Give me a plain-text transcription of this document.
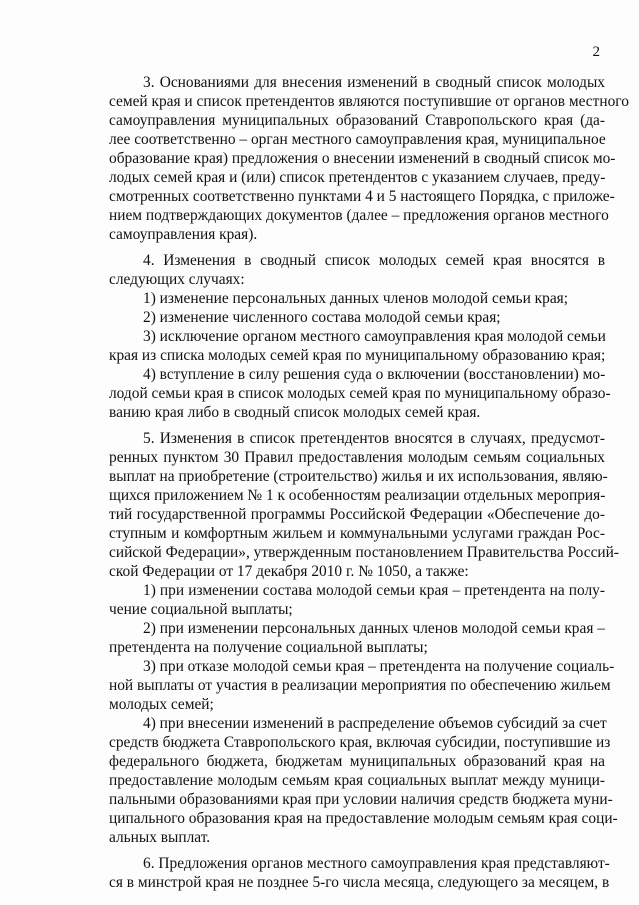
2
3. Основаниями для внесения изменений в сводный список молодых
семей края и список претендентов являются поступившие от органов местного
самоуправления муниципальных образований Ставропольского края (да-
лее соответственно – орган местного самоуправления края, муниципальное
образование края) предложения о внесении изменений в сводный список мо-
лодых семей края и (или) список претендентов с указанием случаев, преду-
смотренных соответственно пунктами 4 и 5 настоящего Порядка, с приложе-
нием подтверждающих документов (далее – предложения органов местного
самоуправления края).
4. Изменения в сводный список молодых семей края вносятся в
следующих случаях:
1) изменение персональных данных членов молодой семьи края;
2) изменение численного состава молодой семьи края;
3) исключение органом местного самоуправления края молодой семьи
края из списка молодых семей края по муниципальному образованию края;
4) вступление в силу решения суда о включении (восстановлении) мо-
лодой семьи края в список молодых семей края по муниципальному образо-
ванию края либо в сводный список молодых семей края.
5. Изменения в список претендентов вносятся в случаях, предусмот-
ренных пунктом 30 Правил предоставления молодым семьям социальных
выплат на приобретение (строительство) жилья и их использования, являю-
щихся приложением № 1 к особенностям реализации отдельных мероприя-
тий государственной программы Российской Федерации «Обеспечение до-
ступным и комфортным жильем и коммунальными услугами граждан Рос-
сийской Федерации», утвержденным постановлением Правительства Россий-
ской Федерации от 17 декабря 2010 г. № 1050, а также:
1) при изменении состава молодой семьи края – претендента на полу-
чение социальной выплаты;
2) при изменении персональных данных членов молодой семьи края –
претендента на получение социальной выплаты;
3) при отказе молодой семьи края – претендента на получение социаль-
ной выплаты от участия в реализации мероприятия по обеспечению жильем
молодых семей;
4) при внесении изменений в распределение объемов субсидий за счет
средств бюджета Ставропольского края, включая субсидии, поступившие из
федерального бюджета, бюджетам муниципальных образований края на
предоставление молодым семьям края социальных выплат между муници-
пальными образованиями края при условии наличия средств бюджета муни-
ципального образования края на предоставление молодым семьям края соци-
альных выплат.
6. Предложения органов местного самоуправления края представляют-
ся в минстрой края не позднее 5-го числа месяца, следующего за месяцем, в
